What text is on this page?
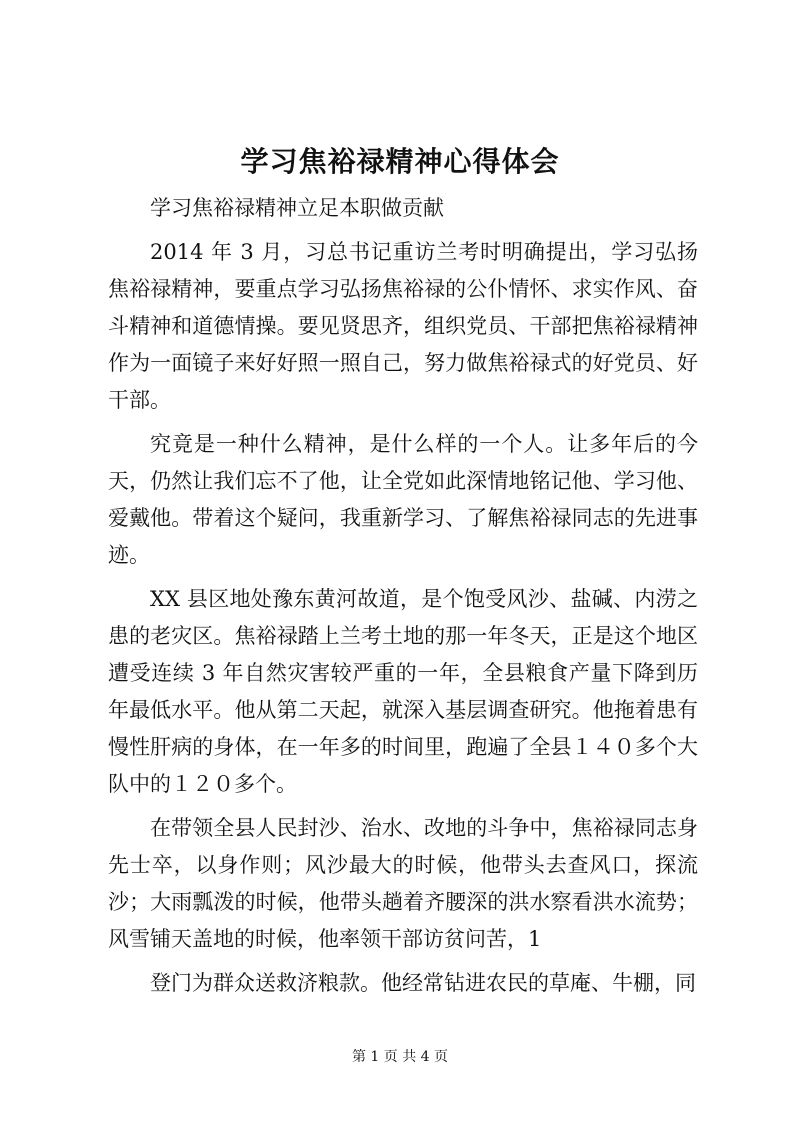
学习焦裕禄精神心得体会

学习焦裕禄精神立足本职做贡献

2014 年 3 月，习总书记重访兰考时明确提出，学习弘扬焦裕禄精神，要重点学习弘扬焦裕禄的公仆情怀、求实作风、奋斗精神和道德情操。要见贤思齐，组织党员、干部把焦裕禄精神作为一面镜子来好好照一照自己，努力做焦裕禄式的好党员、好干部。

究竟是一种什么精神，是什么样的一个人。让多年后的今天，仍然让我们忘不了他，让全党如此深情地铭记他、学习他、爱戴他。带着这个疑问，我重新学习、了解焦裕禄同志的先进事迹。

XX 县区地处豫东黄河故道，是个饱受风沙、盐碱、内涝之患的老灾区。焦裕禄踏上兰考土地的那一年冬天，正是这个地区遭受连续 3 年自然灾害较严重的一年，全县粮食产量下降到历年最低水平。他从第二天起，就深入基层调查研究。他拖着患有慢性肝病的身体，在一年多的时间里，跑遍了全县１４０多个大队中的１２０多个。

在带领全县人民封沙、治水、改地的斗争中，焦裕禄同志身先士卒，以身作则；风沙最大的时候，他带头去查风口，探流沙；大雨瓢泼的时候，他带头趟着齐腰深的洪水察看洪水流势；风雪铺天盖地的时候，他率领干部访贫问苦，1

登门为群众送救济粮款。他经常钻进农民的草庵、牛棚，同

第 1 页 共 4 页
